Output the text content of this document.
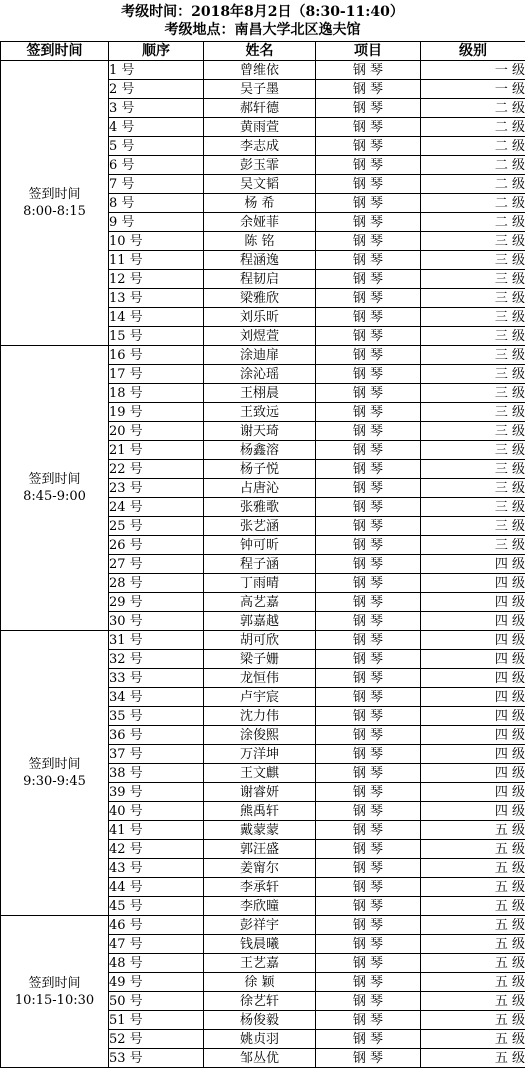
考级时间：2018年8月2日（8:30-11:40）
考级地点：南昌大学北区逸夫馆
签到时间	顺序	姓名	项目	级别

签到时间
8:00-8:15	1 号	曾维依	钢 琴	一 级
	2 号	吴子墨	钢 琴	一 级
	3 号	郝轩德	钢 琴	二 级
	4 号	黄雨萱	钢 琴	二 级
	5 号	李志成	钢 琴	二 级
	6 号	彭玉霏	钢 琴	二 级
	7 号	吴文韬	钢 琴	二 级
	8 号	杨 希	钢 琴	二 级
	9 号	余娅菲	钢 琴	二 级
	10 号	陈 铭	钢 琴	三 级
	11 号	程涵逸	钢 琴	三 级
	12 号	程韧启	钢 琴	三 级
	13 号	梁雅欣	钢 琴	三 级
	14 号	刘乐昕	钢 琴	三 级
	15 号	刘煜萱	钢 琴	三 级

签到时间
8:45-9:00	16 号	涂迪扉	钢 琴	三 级
	17 号	涂沁瑶	钢 琴	三 级
	18 号	王栩晨	钢 琴	三 级
	19 号	王致远	钢 琴	三 级
	20 号	谢天琦	钢 琴	三 级
	21 号	杨鑫溶	钢 琴	三 级
	22 号	杨子悦	钢 琴	三 级
	23 号	占唐沁	钢 琴	三 级
	24 号	张雅歌	钢 琴	三 级
	25 号	张艺涵	钢 琴	三 级
	26 号	钟可昕	钢 琴	三 级
	27 号	程子涵	钢 琴	四 级
	28 号	丁雨晴	钢 琴	四 级
	29 号	高艺嘉	钢 琴	四 级
	30 号	郭嘉越	钢 琴	四 级

签到时间
9:30-9:45	31 号	胡可欣	钢 琴	四 级
	32 号	梁子姗	钢 琴	四 级
	33 号	龙恒伟	钢 琴	四 级
	34 号	卢宇宸	钢 琴	四 级
	35 号	沈力伟	钢 琴	四 级
	36 号	涂俊熙	钢 琴	四 级
	37 号	万洋坤	钢 琴	四 级
	38 号	王文麒	钢 琴	四 级
	39 号	谢睿妍	钢 琴	四 级
	40 号	熊禹轩	钢 琴	四 级
	41 号	戴蒙蒙	钢 琴	五 级
	42 号	郭汪盛	钢 琴	五 级
	43 号	姜甯尔	钢 琴	五 级
	44 号	李承轩	钢 琴	五 级
	45 号	李欣曈	钢 琴	五 级

签到时间
10:15-10:30	46 号	彭祥宇	钢 琴	五 级
	47 号	钱晨曦	钢 琴	五 级
	48 号	王艺嘉	钢 琴	五 级
	49 号	徐 颖	钢 琴	五 级
	50 号	徐艺轩	钢 琴	五 级
	51 号	杨俊毅	钢 琴	五 级
	52 号	姚贞羽	钢 琴	五 级
	53 号	邹丛优	钢 琴	五 级
